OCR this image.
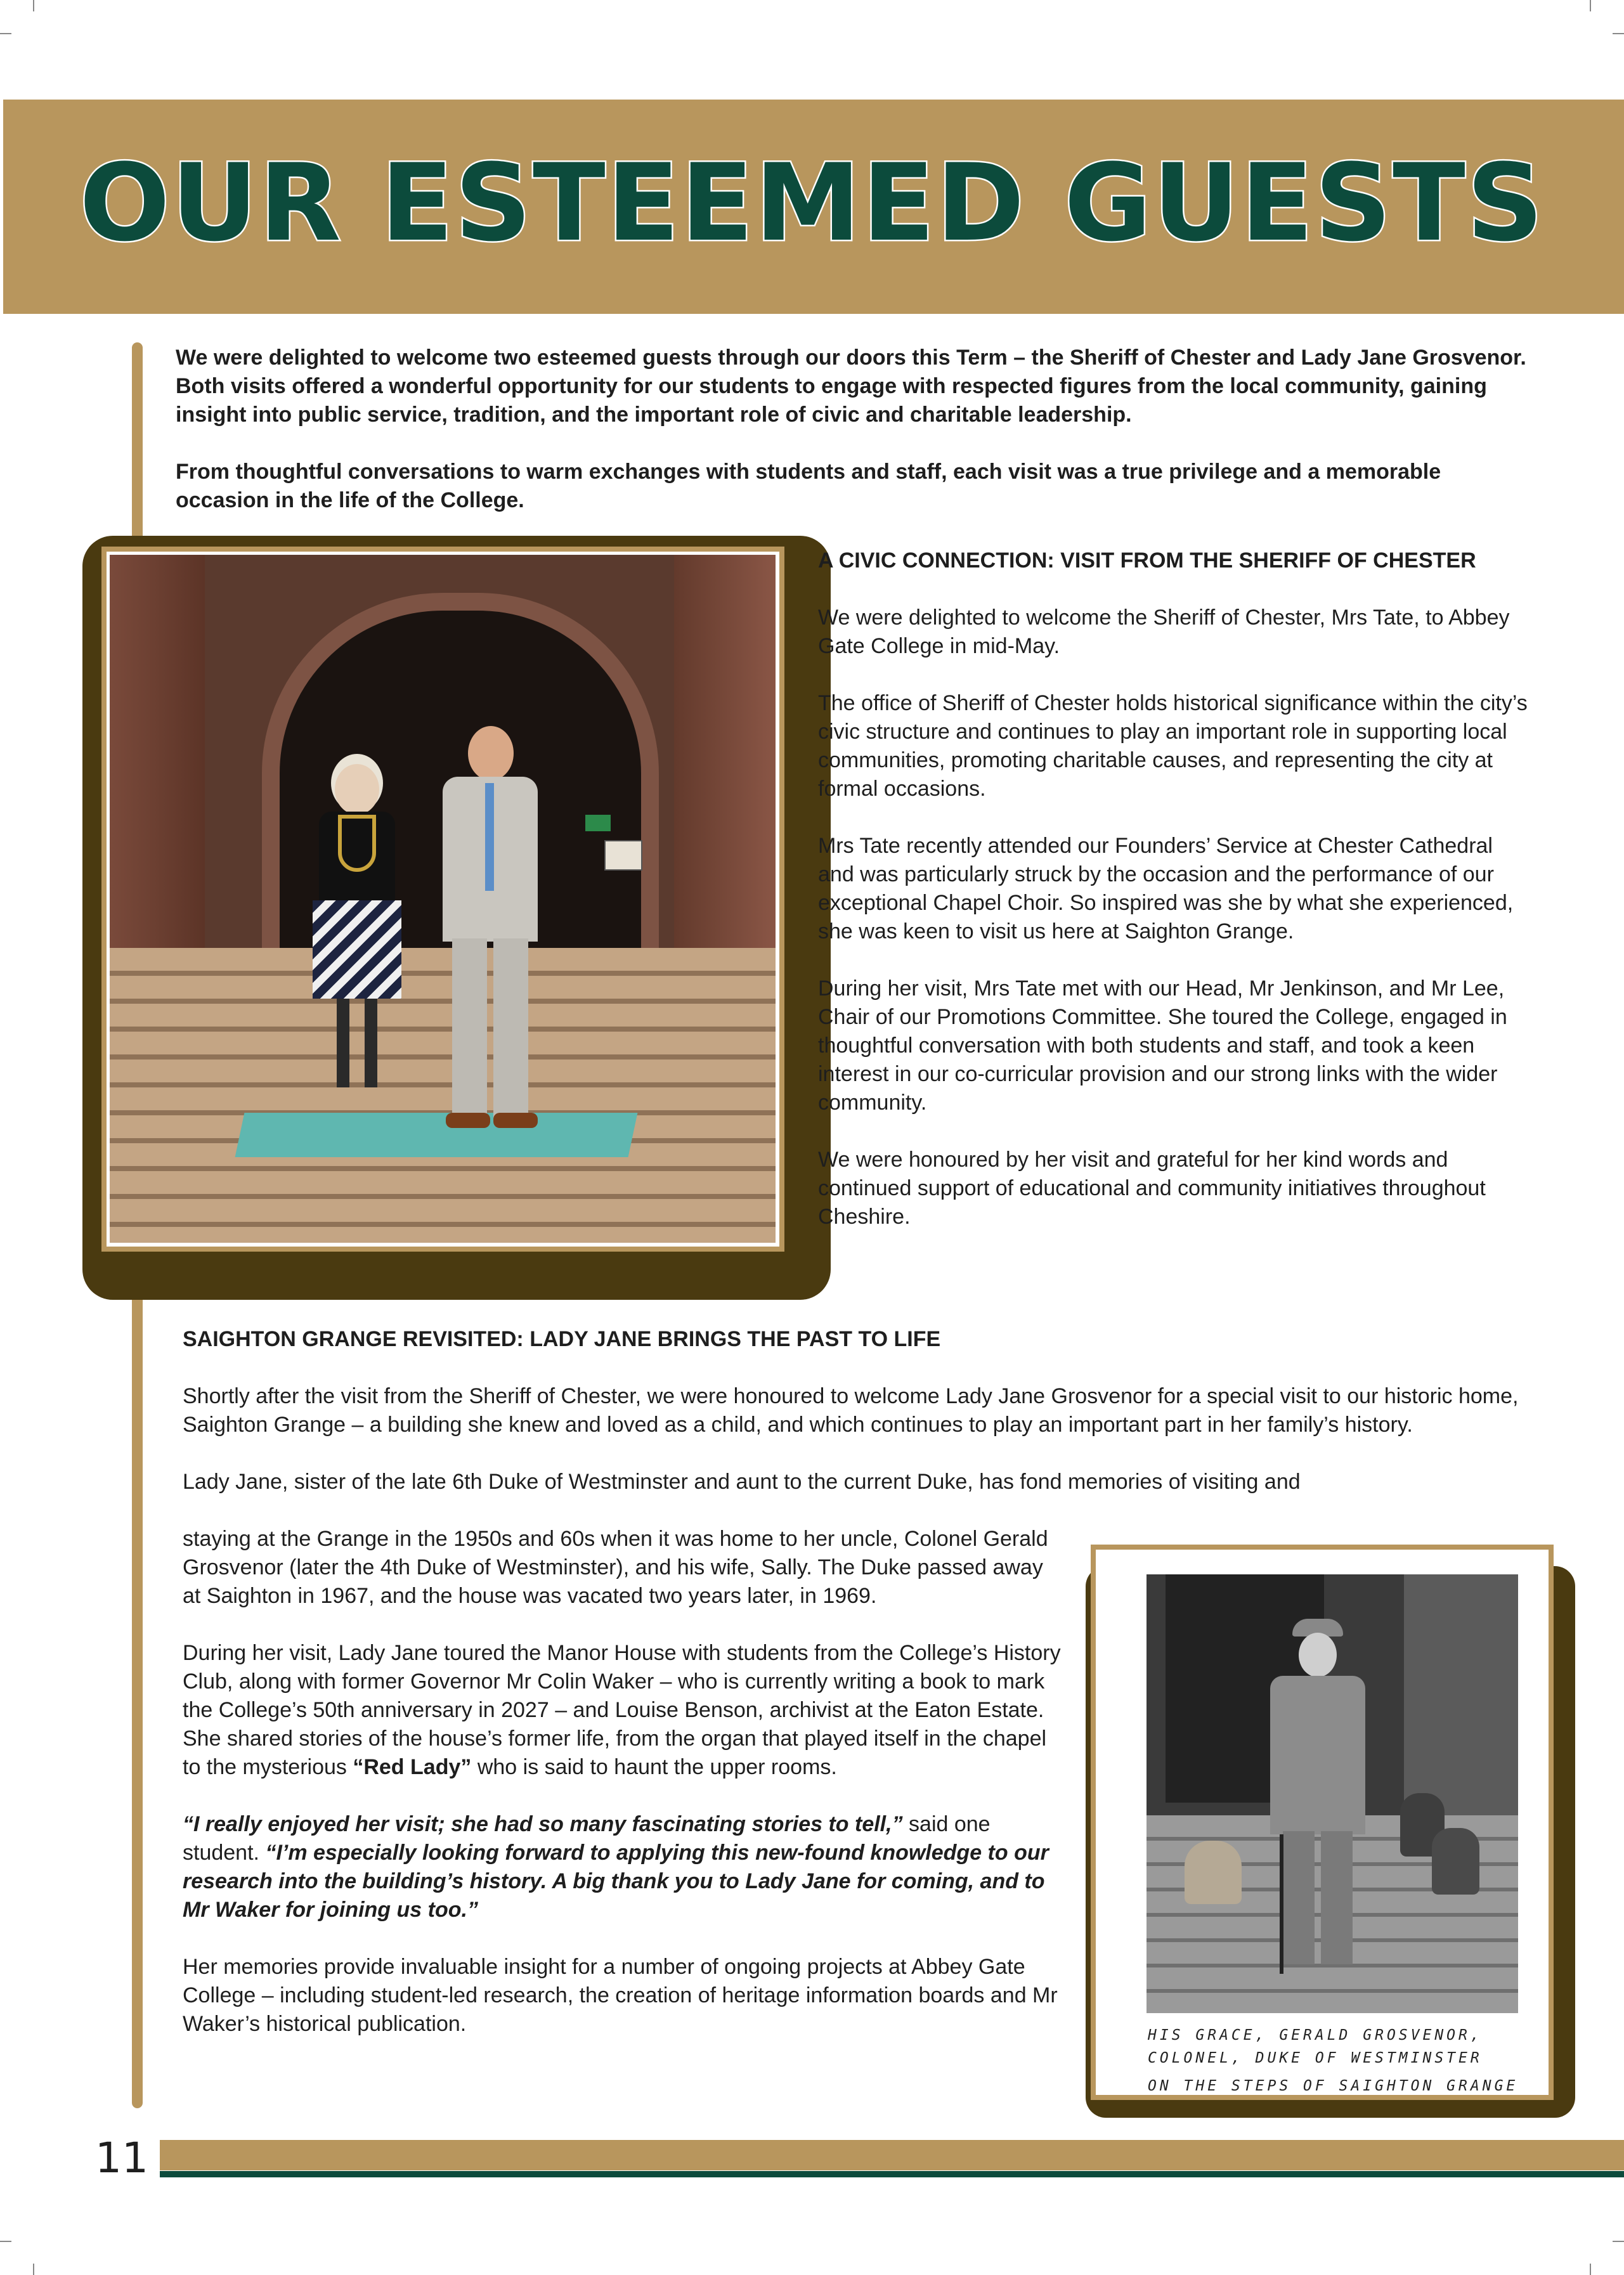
OUR ESTEEMED GUESTS

We were delighted to welcome two esteemed guests through our doors this Term – the Sheriff of Chester and Lady Jane Grosvenor. Both visits offered a wonderful opportunity for our students to engage with respected figures from the local community, gaining insight into public service, tradition, and the important role of civic and charitable leadership.

From thoughtful conversations to warm exchanges with students and staff, each visit was a true privilege and a memorable occasion in the life of the College.

A CIVIC CONNECTION: VISIT FROM THE SHERIFF OF CHESTER

We were delighted to welcome the Sheriff of Chester, Mrs Tate, to Abbey Gate College in mid-May.

The office of Sheriff of Chester holds historical significance within the city’s civic structure and continues to play an important role in supporting local communities, promoting charitable causes, and representing the city at formal occasions.

Mrs Tate recently attended our Founders’ Service at Chester Cathedral and was particularly struck by the occasion and the performance of our exceptional Chapel Choir. So inspired was she by what she experienced, she was keen to visit us here at Saighton Grange.

During her visit, Mrs Tate met with our Head, Mr Jenkinson, and Mr Lee, Chair of our Promotions Committee. She toured the College, engaged in thoughtful conversation with both students and staff, and took a keen interest in our co-curricular provision and our strong links with the wider community.

We were honoured by her visit and grateful for her kind words and continued support of educational and community initiatives throughout Cheshire.

SAIGHTON GRANGE REVISITED: LADY JANE BRINGS THE PAST TO LIFE

Shortly after the visit from the Sheriff of Chester, we were honoured to welcome Lady Jane Grosvenor for a special visit to our historic home, Saighton Grange – a building she knew and loved as a child, and which continues to play an important part in her family’s history.

Lady Jane, sister of the late 6th Duke of Westminster and aunt to the current Duke, has fond memories of visiting and

staying at the Grange in the 1950s and 60s when it was home to her uncle, Colonel Gerald Grosvenor (later the 4th Duke of Westminster), and his wife, Sally. The Duke passed away at Saighton in 1967, and the house was vacated two years later, in 1969.

During her visit, Lady Jane toured the Manor House with students from the College’s History Club, along with former Governor Mr Colin Waker – who is currently writing a book to mark the College’s 50th anniversary in 2027 – and Louise Benson, archivist at the Eaton Estate. She shared stories of the house’s former life, from the organ that played itself in the chapel to the mysterious “Red Lady” who is said to haunt the upper rooms.

“I really enjoyed her visit; she had so many fascinating stories to tell,” said one student. “I’m especially looking forward to applying this new-found knowledge to our research into the building’s history. A big thank you to Lady Jane for coming, and to Mr Waker for joining us too.”

Her memories provide invaluable insight for a number of ongoing projects at Abbey Gate College – including student-led research, the creation of heritage information boards and Mr Waker’s historical publication.	HIS GRACE, GERALD GROSVENOR,
COLONEL, DUKE OF WESTMINSTER
ON THE STEPS OF SAIGHTON GRANGE
11
